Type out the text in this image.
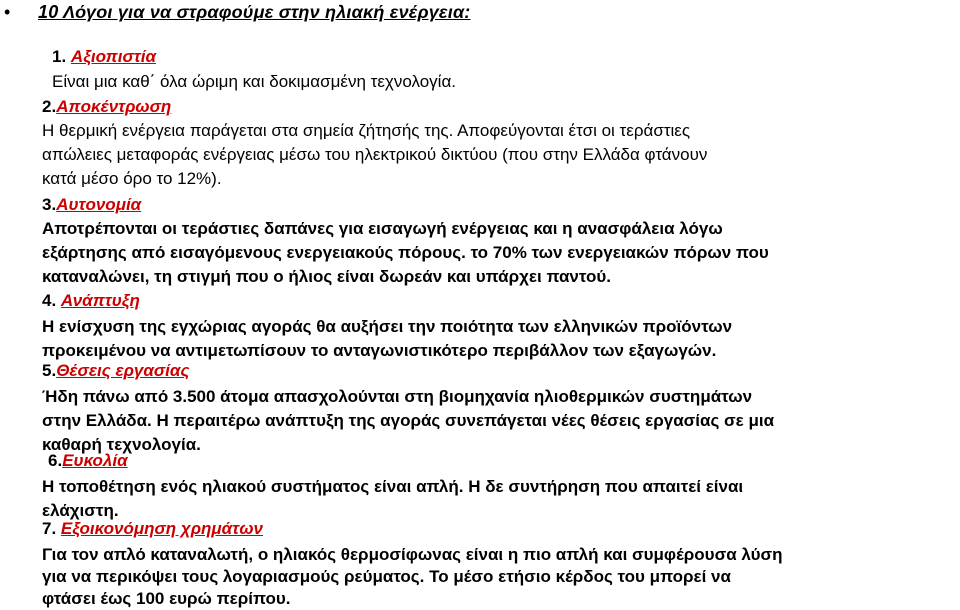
• 10 Λόγοι για να στραφούμε στην ηλιακή ενέργεια:
1. Αξιοπιστία
Είναι μια καθ΄ όλα ώριμη και δοκιμασμένη τεχνολογία.
2.Αποκέντρωση
Η θερμική ενέργεια παράγεται στα σημεία ζήτησής της. Αποφεύγονται έτσι οι τεράστιες
απώλειες μεταφοράς ενέργειας μέσω του ηλεκτρικού δικτύου (που στην Ελλάδα φτάνουν
κατά μέσο όρο το 12%).
3.Αυτονομία
Αποτρέπονται οι τεράστιες δαπάνες για εισαγωγή ενέργειας και η ανασφάλεια λόγω
εξάρτησης από εισαγόμενους ενεργειακούς πόρους. το 70% των ενεργειακών πόρων που
καταναλώνει, τη στιγμή που ο ήλιος είναι δωρεάν και υπάρχει παντού.
4. Ανάπτυξη
Η ενίσχυση της εγχώριας αγοράς θα αυξήσει την ποιότητα των ελληνικών προϊόντων
προκειμένου να αντιμετωπίσουν το ανταγωνιστικότερο περιβάλλον των εξαγωγών.
5.Θέσεις εργασίας
Ήδη πάνω από 3.500 άτομα απασχολούνται στη βιομηχανία ηλιοθερμικών συστημάτων
στην Ελλάδα. Η περαιτέρω ανάπτυξη της αγοράς συνεπάγεται νέες θέσεις εργασίας σε μια
καθαρή τεχνολογία.
6.Ευκολία
Η τοποθέτηση ενός ηλιακού συστήματος είναι απλή. Η δε συντήρηση που απαιτεί είναι
ελάχιστη.
7. Εξοικονόμηση χρημάτων
Για τον απλό καταναλωτή, ο ηλιακός θερμοσίφωνας είναι η πιο απλή και συμφέρουσα λύση
για να περικόψει τους λογαριασμούς ρεύματος. Το μέσο ετήσιο κέρδος του μπορεί να
φτάσει έως 100 ευρώ περίπου.
